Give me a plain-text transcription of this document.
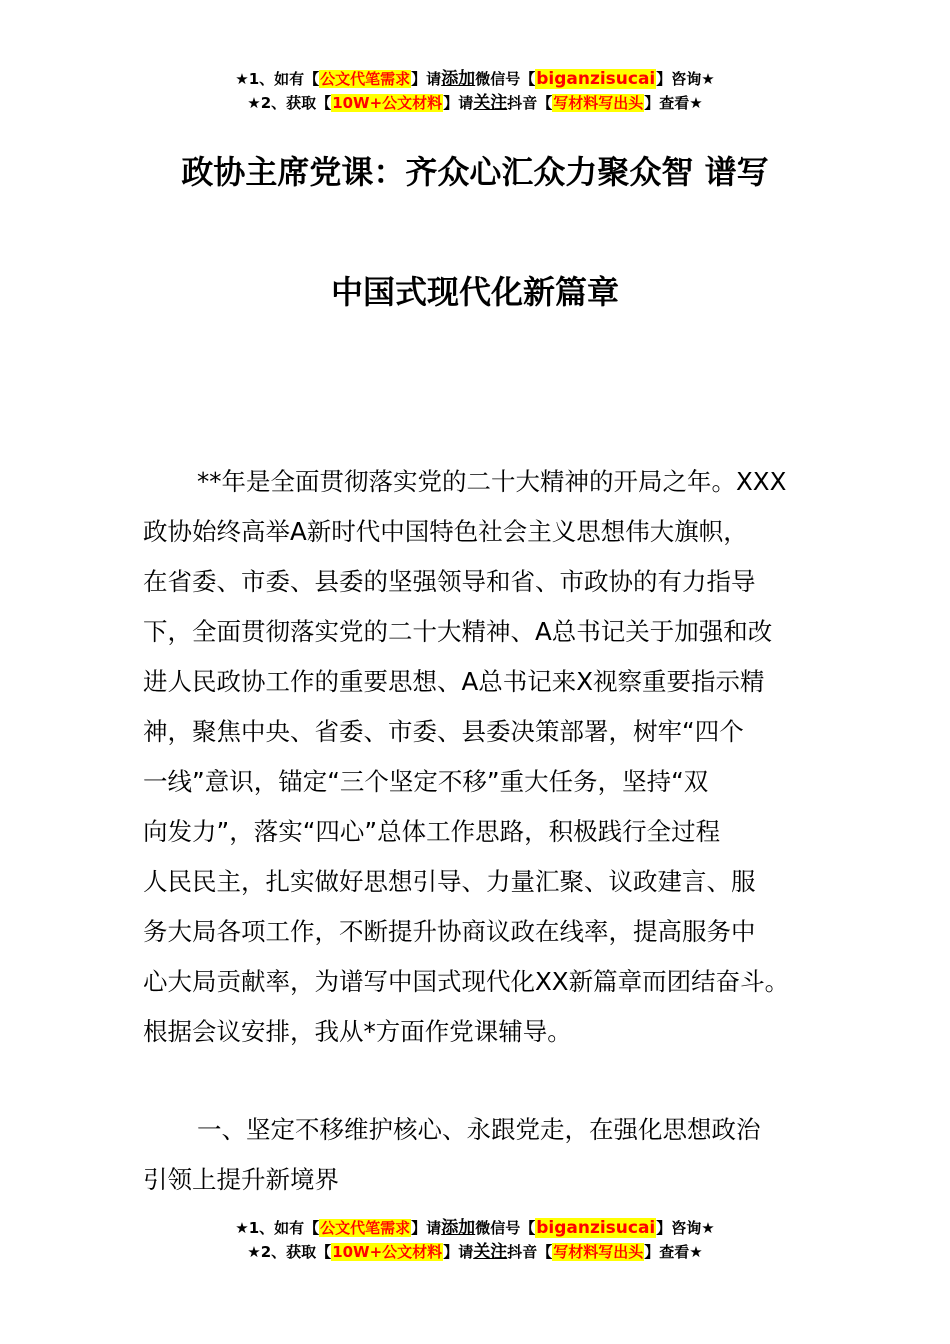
★1、如有【公文代笔需求】请添加微信号【biganzisucai】咨询★
★2、获取【10W+公文材料】请关注抖音【写材料写出头】查看★
政协主席党课：齐众心汇众力聚众智 谱写
中国式现代化新篇章
**年是全面贯彻落实党的二十大精神的开局之年。XXX
政协始终高举A新时代中国特色社会主义思想伟大旗帜，
在省委、市委、县委的坚强领导和省、市政协的有力指导
下，全面贯彻落实党的二十大精神、A总书记关于加强和改
进人民政协工作的重要思想、A总书记来X视察重要指示精
神，聚焦中央、省委、市委、县委决策部署，树牢“四个
一线”意识，锚定“三个坚定不移”重大任务，坚持“双
向发力”，落实“四心”总体工作思路，积极践行全过程
人民民主，扎实做好思想引导、力量汇聚、议政建言、服
务大局各项工作，不断提升协商议政在线率，提高服务中
心大局贡献率，为谱写中国式现代化XX新篇章而团结奋斗。
根据会议安排，我从*方面作党课辅导。
一、坚定不移维护核心、永跟党走，在强化思想政治
引领上提升新境界
★1、如有【公文代笔需求】请添加微信号【biganzisucai】咨询★
★2、获取【10W+公文材料】请关注抖音【写材料写出头】查看★
